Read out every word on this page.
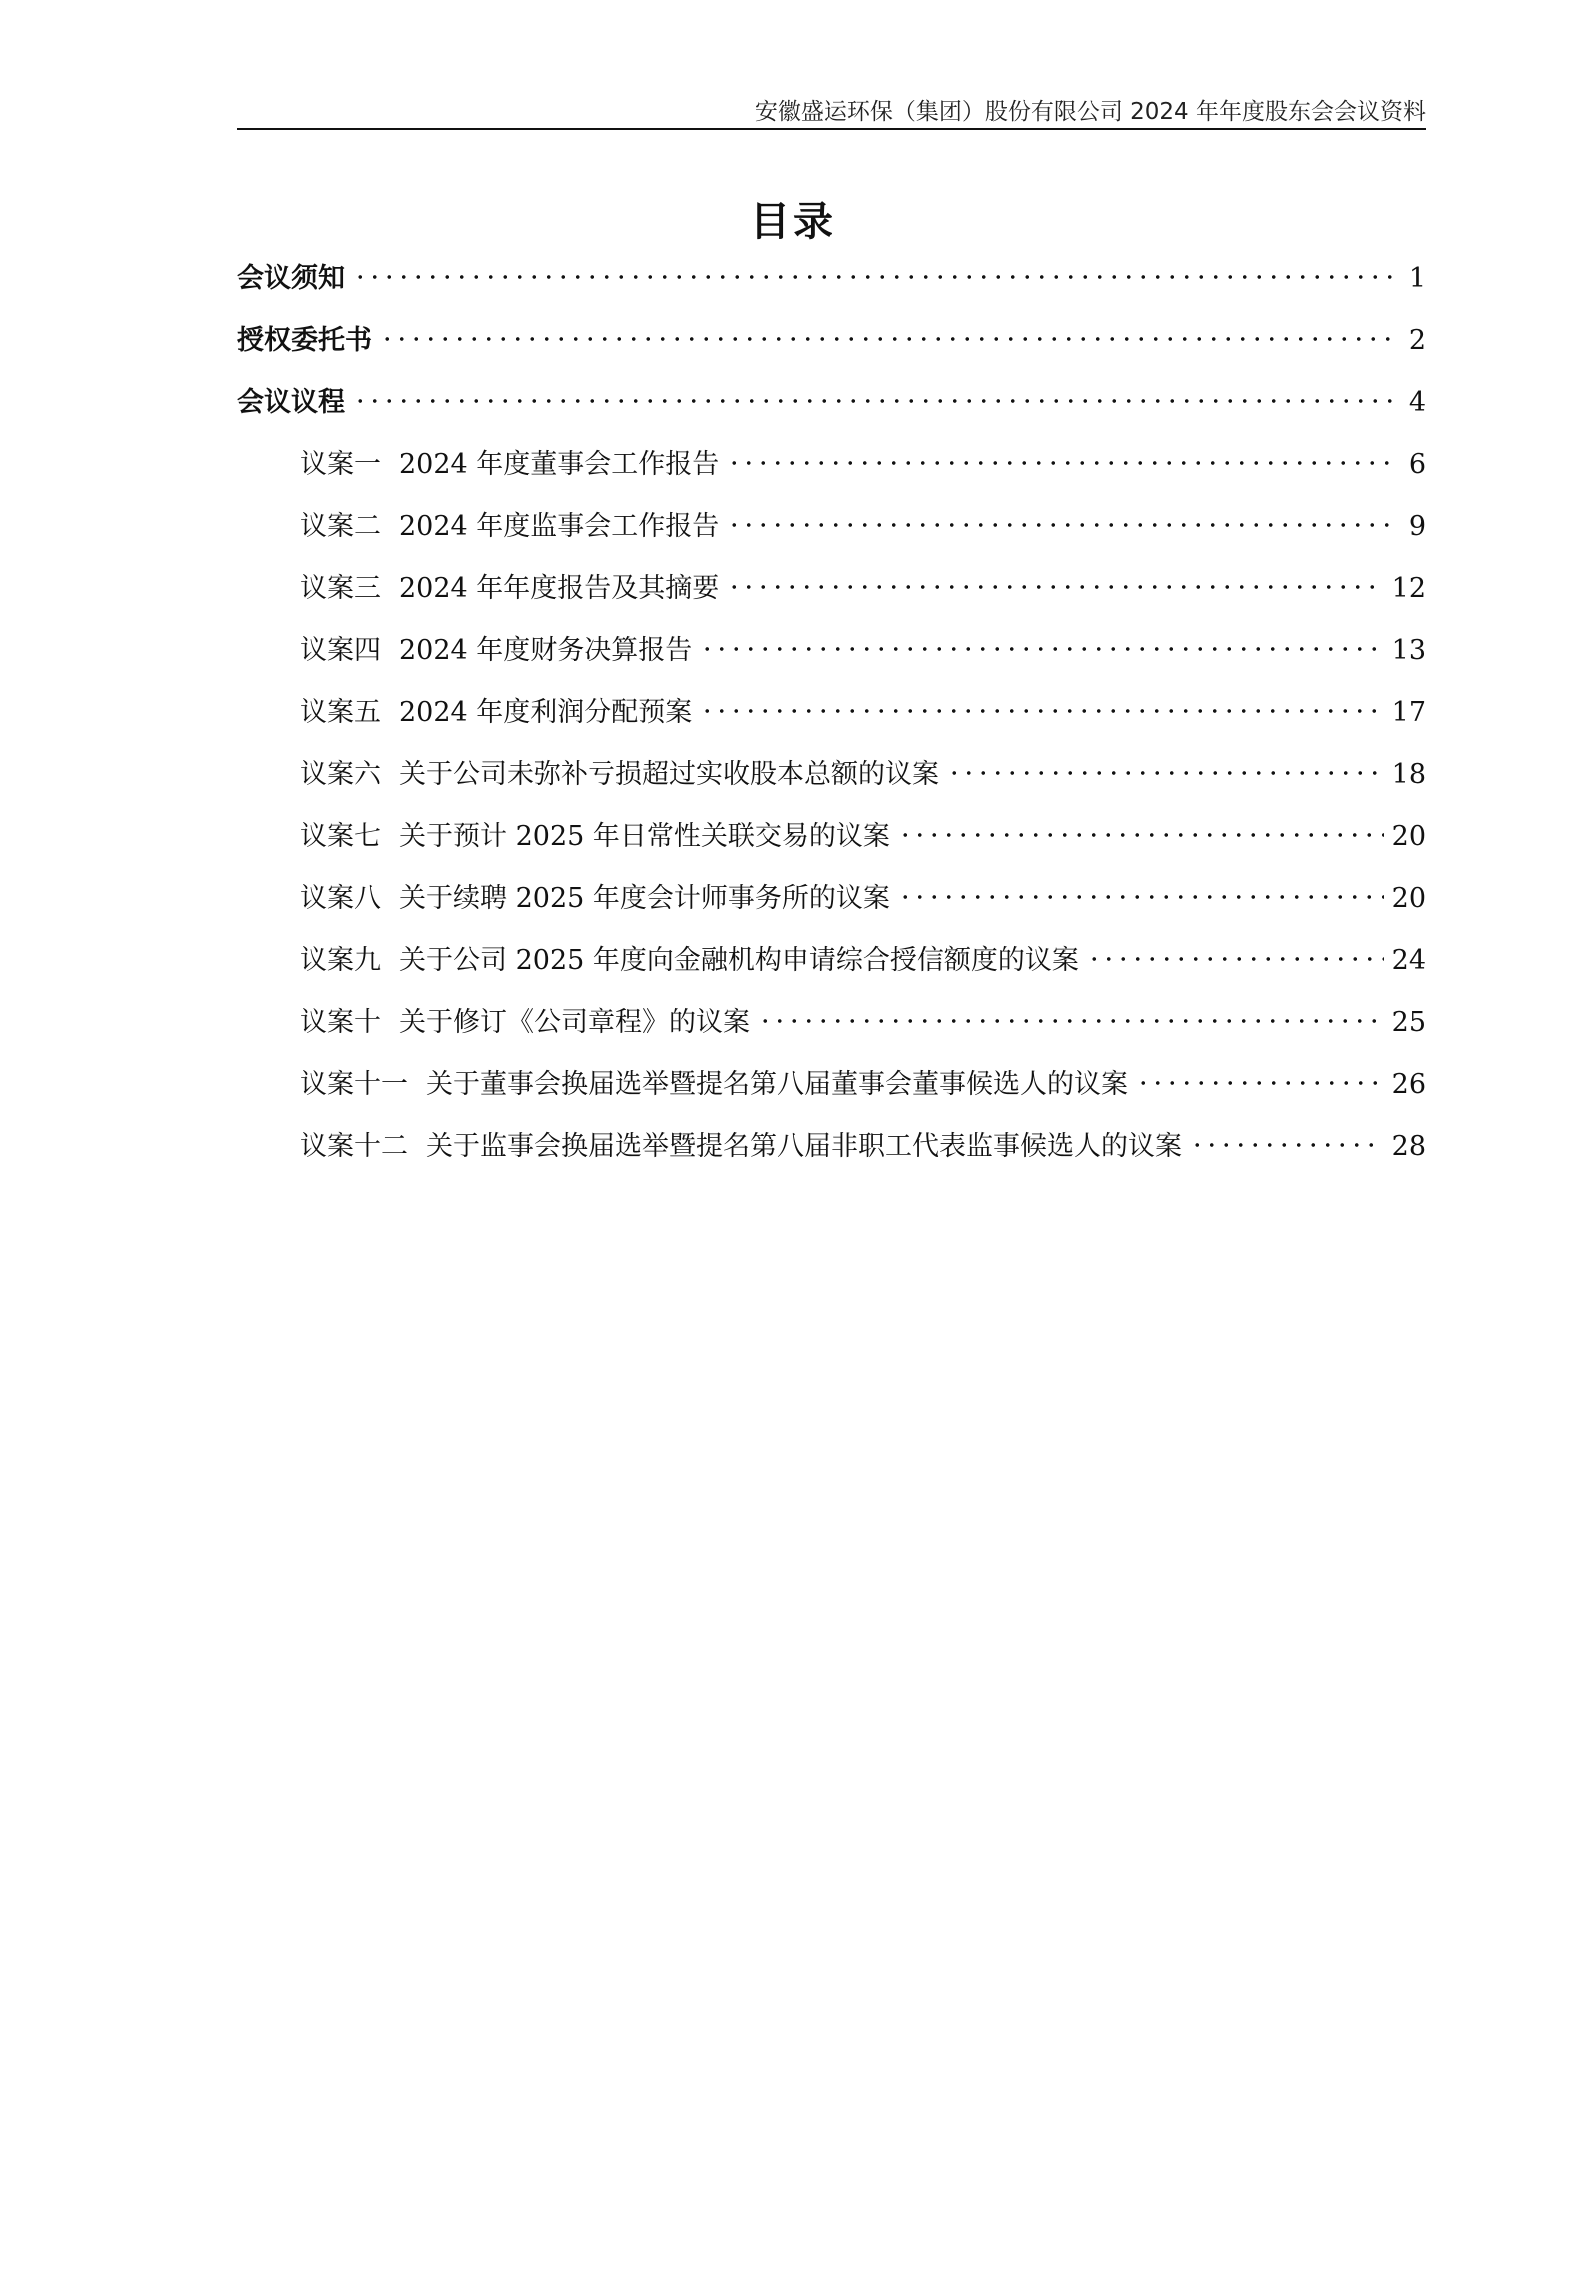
安徽盛运环保（集团）股份有限公司 2024 年年度股东会会议资料
目录
会议须知	1
授权委托书	2
会议议程	4
议案一 2024 年度董事会工作报告	6
议案二 2024 年度监事会工作报告	9
议案三 2024 年年度报告及其摘要	12
议案四 2024 年度财务决算报告	13
议案五 2024 年度利润分配预案	17
议案六 关于公司未弥补亏损超过实收股本总额的议案	18
议案七 关于预计 2025 年日常性关联交易的议案	20
议案八 关于续聘 2025 年度会计师事务所的议案	20
议案九 关于公司 2025 年度向金融机构申请综合授信额度的议案	24
议案十 关于修订《公司章程》的议案	25
议案十一 关于董事会换届选举暨提名第八届董事会董事候选人的议案	26
议案十二 关于监事会换届选举暨提名第八届非职工代表监事候选人的议案	28
